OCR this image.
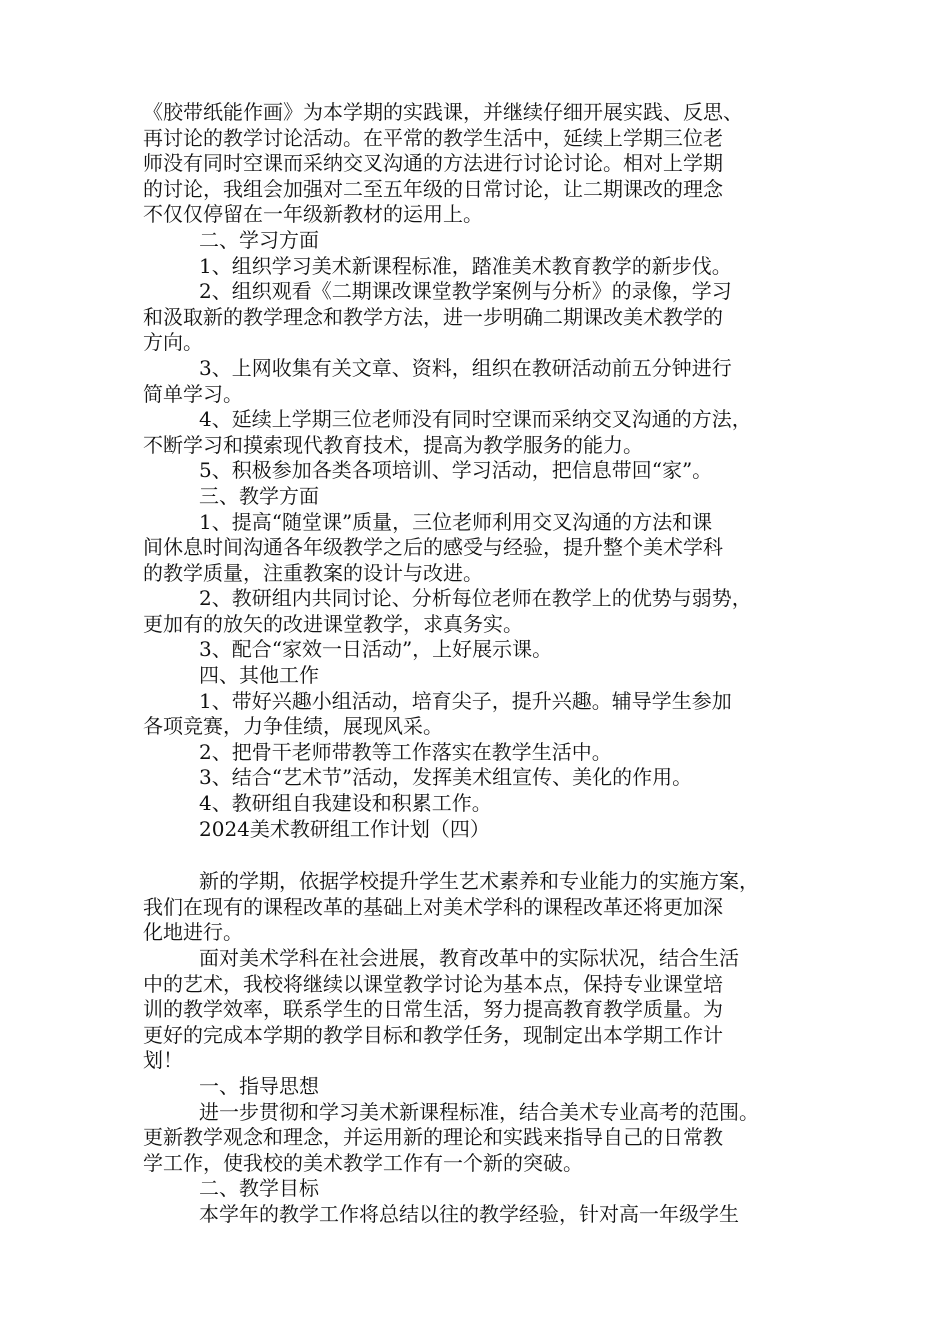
《胶带纸能作画》为本学期的实践课，并继续仔细开展实践、反思、
再讨论的教学讨论活动。在平常的教学生活中，延续上学期三位老
师没有同时空课而采纳交叉沟通的方法进行讨论讨论。相对上学期
的讨论，我组会加强对二至五年级的日常讨论，让二期课改的理念
不仅仅停留在一年级新教材的运用上。
二、学习方面
1、组织学习美术新课程标准，踏准美术教育教学的新步伐。
2、组织观看《二期课改课堂教学案例与分析》的录像，学习
和汲取新的教学理念和教学方法，进一步明确二期课改美术教学的
方向。
3、上网收集有关文章、资料，组织在教研活动前五分钟进行
简单学习。
4、延续上学期三位老师没有同时空课而采纳交叉沟通的方法，
不断学习和摸索现代教育技术，提高为教学服务的能力。
5、积极参加各类各项培训、学习活动，把信息带回“家”。
三、教学方面
1、提高“随堂课”质量，三位老师利用交叉沟通的方法和课
间休息时间沟通各年级教学之后的感受与经验，提升整个美术学科
的教学质量，注重教案的设计与改进。
2、教研组内共同讨论、分析每位老师在教学上的优势与弱势，
更加有的放矢的改进课堂教学，求真务实。
3、配合“家效一日活动”，上好展示课。
四、其他工作
1、带好兴趣小组活动，培育尖子，提升兴趣。辅导学生参加
各项竞赛，力争佳绩，展现风采。
2、把骨干老师带教等工作落实在教学生活中。
3、结合“艺术节”活动，发挥美术组宣传、美化的作用。
4、教研组自我建设和积累工作。
2024美术教研组工作计划（四）
新的学期，依据学校提升学生艺术素养和专业能力的实施方案，
我们在现有的课程改革的基础上对美术学科的课程改革还将更加深
化地进行。
面对美术学科在社会进展，教育改革中的实际状况，结合生活
中的艺术，我校将继续以课堂教学讨论为基本点，保持专业课堂培
训的教学效率，联系学生的日常生活，努力提高教育教学质量。为
更好的完成本学期的教学目标和教学任务，现制定出本学期工作计
划！
一、指导思想
进一步贯彻和学习美术新课程标准，结合美术专业高考的范围。
更新教学观念和理念，并运用新的理论和实践来指导自己的日常教
学工作，使我校的美术教学工作有一个新的突破。
二、教学目标
本学年的教学工作将总结以往的教学经验，针对高一年级学生
